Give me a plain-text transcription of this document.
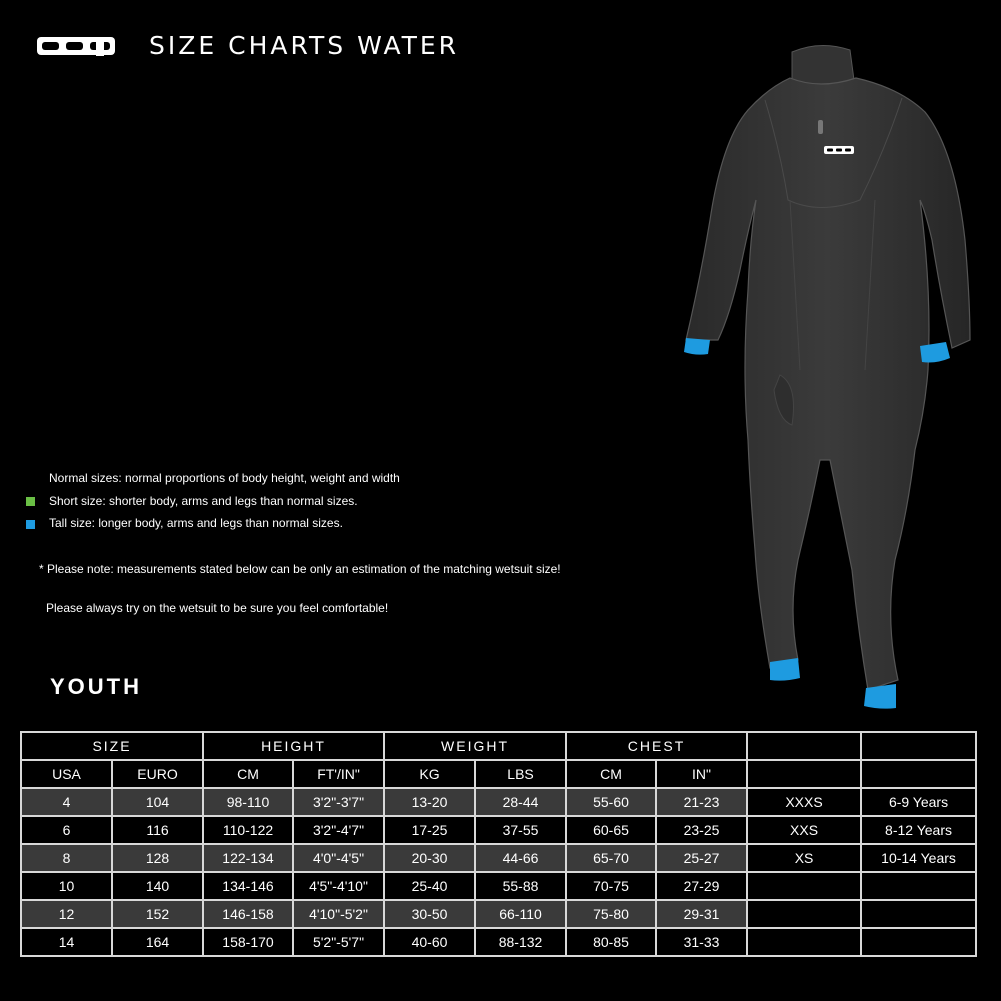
SIZE CHARTS WATER
Normal sizes: normal proportions of body height, weight and width
Short size: shorter body, arms and legs than normal sizes.
Tall size: longer body, arms and legs than normal sizes.
* Please note: measurements stated below can be only an estimation of the matching wetsuit size!
Please always try on the wetsuit to be sure you feel comfortable!
YOUTH
SIZE		HEIGHT		WEIGHT		CHEST			
USA	EURO	CM	FT'/IN"	KG	LBS	CM	IN"		
4	104	98-110	3'2"-3'7"	13-20	28-44	55-60	21-23	XXXS	6-9 Years
6	116	110-122	3'2"-4'7"	17-25	37-55	60-65	23-25	XXS	8-12 Years
8	128	122-134	4'0"-4'5"	20-30	44-66	65-70	25-27	XS	10-14 Years
10	140	134-146	4'5"-4'10"	25-40	55-88	70-75	27-29		
12	152	146-158	4'10"-5'2"	30-50	66-110	75-80	29-31		
14	164	158-170	5'2"-5'7"	40-60	88-132	80-85	31-33		
